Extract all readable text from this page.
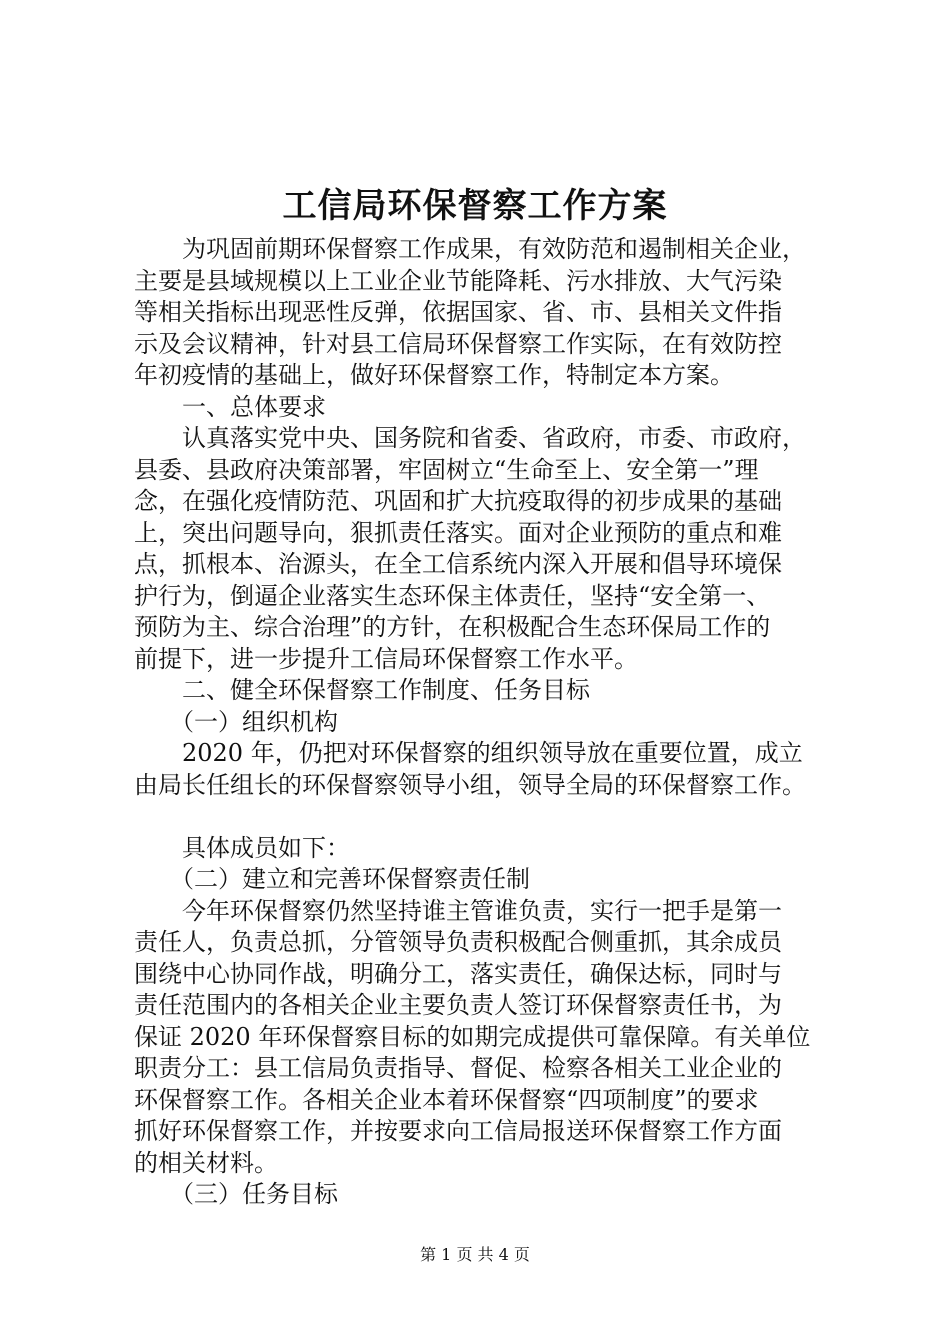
工信局环保督察工作方案

为巩固前期环保督察工作成果，有效防范和遏制相关企业，

主要是县域规模以上工业企业节能降耗、污水排放、大气污染

等相关指标出现恶性反弹，依据国家、省、市、县相关文件指

示及会议精神，针对县工信局环保督察工作实际，在有效防控

年初疫情的基础上，做好环保督察工作，特制定本方案。

一、总体要求

认真落实党中央、国务院和省委、省政府，市委、市政府，

县委、县政府决策部署，牢固树立“生命至上、安全第一”理

念，在强化疫情防范、巩固和扩大抗疫取得的初步成果的基础

上，突出问题导向，狠抓责任落实。面对企业预防的重点和难

点，抓根本、治源头，在全工信系统内深入开展和倡导环境保

护行为，倒逼企业落实生态环保主体责任，坚持“安全第一、

预防为主、综合治理”的方针，在积极配合生态环保局工作的

前提下，进一步提升工信局环保督察工作水平。

二、健全环保督察工作制度、任务目标

（一）组织机构

2020 年，仍把对环保督察的组织领导放在重要位置，成立

由局长任组长的环保督察领导小组，领导全局的环保督察工作。

具体成员如下：

（二）建立和完善环保督察责任制

今年环保督察仍然坚持谁主管谁负责，实行一把手是第一

责任人，负责总抓，分管领导负责积极配合侧重抓，其余成员

围绕中心协同作战，明确分工，落实责任，确保达标，同时与

责任范围内的各相关企业主要负责人签订环保督察责任书，为

保证 2020 年环保督察目标的如期完成提供可靠保障。有关单位

职责分工：县工信局负责指导、督促、检察各相关工业企业的

环保督察工作。各相关企业本着环保督察“四项制度”的要求

抓好环保督察工作，并按要求向工信局报送环保督察工作方面

的相关材料。

（三）任务目标

第 1 页 共 4 页
